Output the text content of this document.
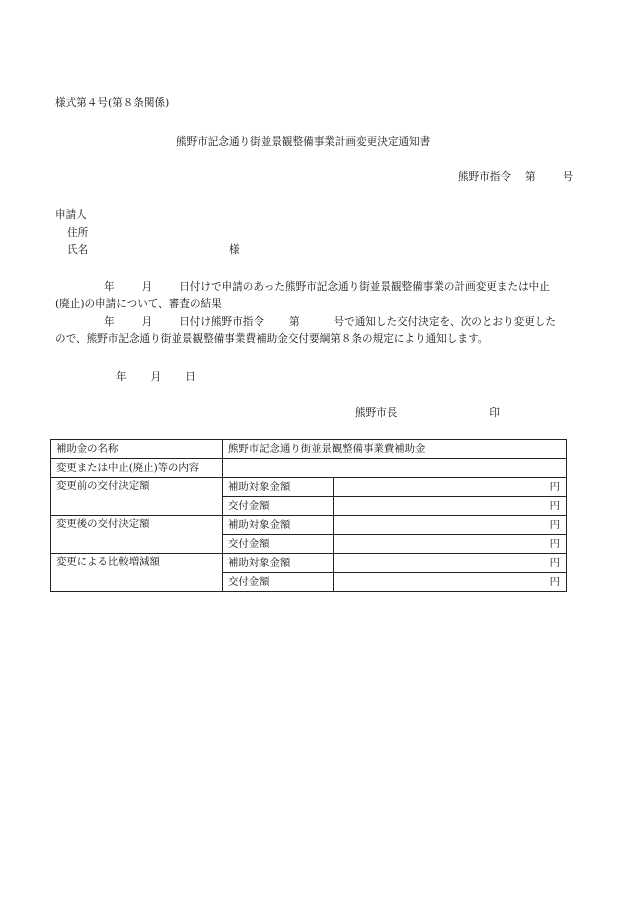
様式第４号(第８条関係)
熊野市記念通り街並景観整備事業計画変更決定通知書
熊野市指令 第	号
申請人
住所
氏名	様
年	月	日付けで申請のあった熊野市記念通り街並景観整備事業の計画変更または中止
(廃止)の申請について、審査の結果
年	月	日付け熊野市指令 第	号で通知した交付決定を、次のとおり変更した
ので、熊野市記念通り街並景観整備事業費補助金交付要綱第８条の規定により通知します。
年 月 日
熊野市長	印
補助金の名称	熊野市記念通り街並景観整備事業費補助金	
変更または中止(廃止)等の内容		
変更前の交付決定額	補助対象金額	円
	交付金額	円
変更後の交付決定額	補助対象金額	円
	交付金額	円
変更による比較増減額	補助対象金額	円
	交付金額	円
